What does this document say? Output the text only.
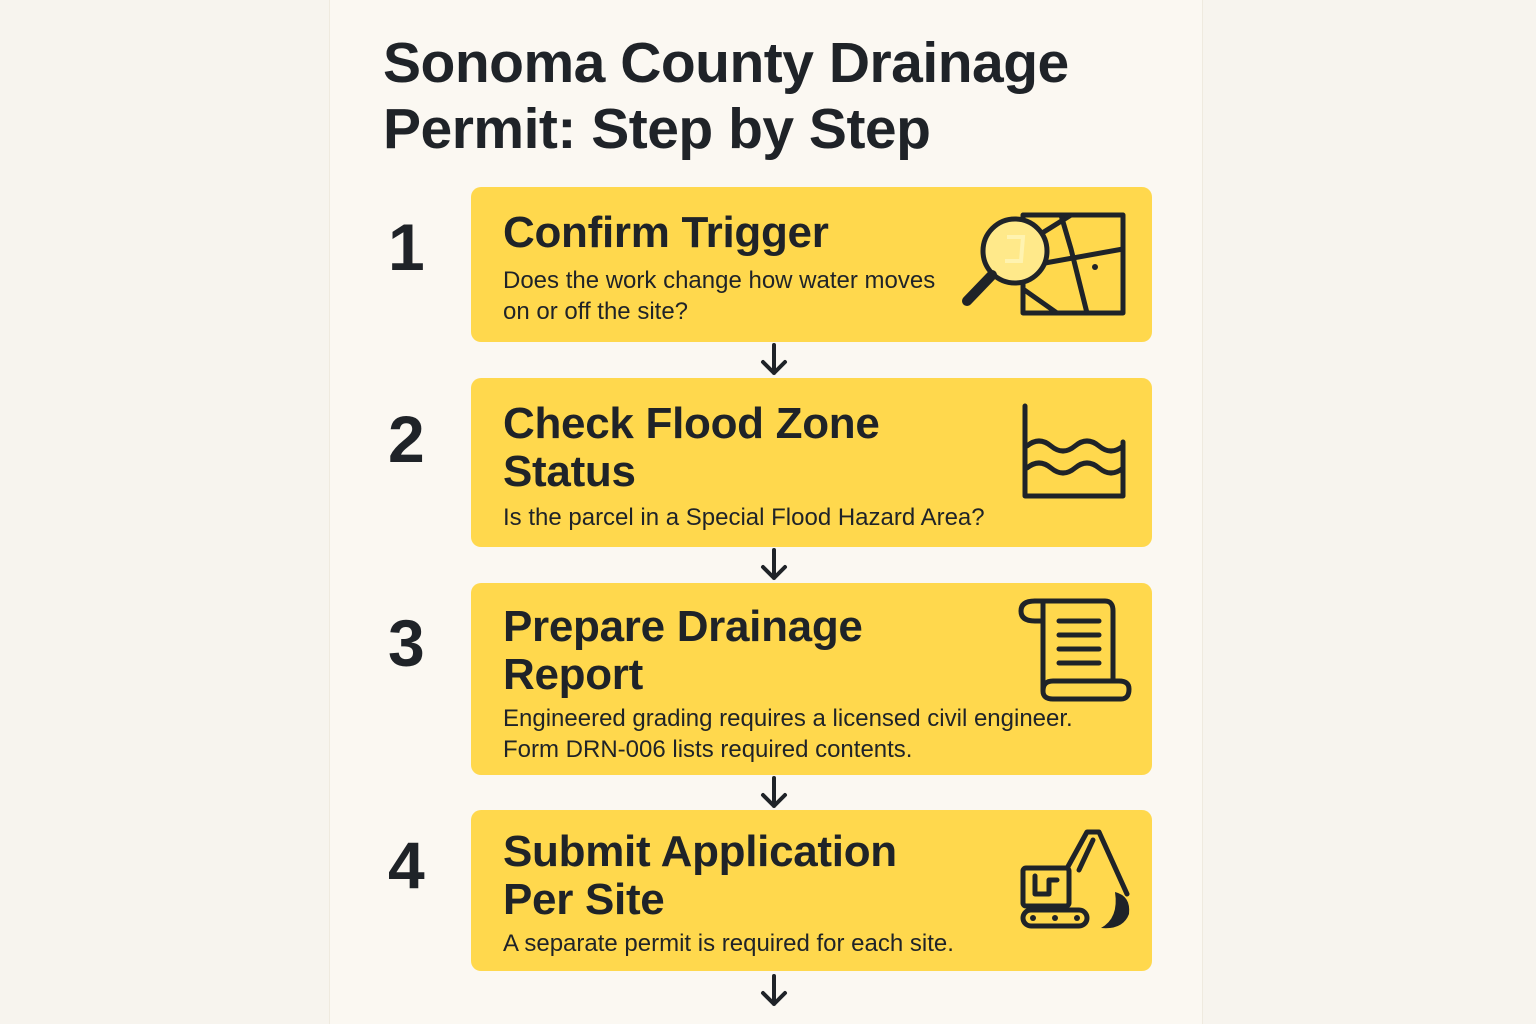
Sonoma County Drainage Permit: Step by Step
1	Confirm Trigger
Does the work change how water moves on or off the site?
2	Check Flood Zone Status
Is the parcel in a Special Flood Hazard Area?
3	Prepare Drainage Report
Engineered grading requires a licensed civil engineer.
Form DRN-006 lists required contents.
4	Submit Application Per Site
A separate permit is required for each site.
